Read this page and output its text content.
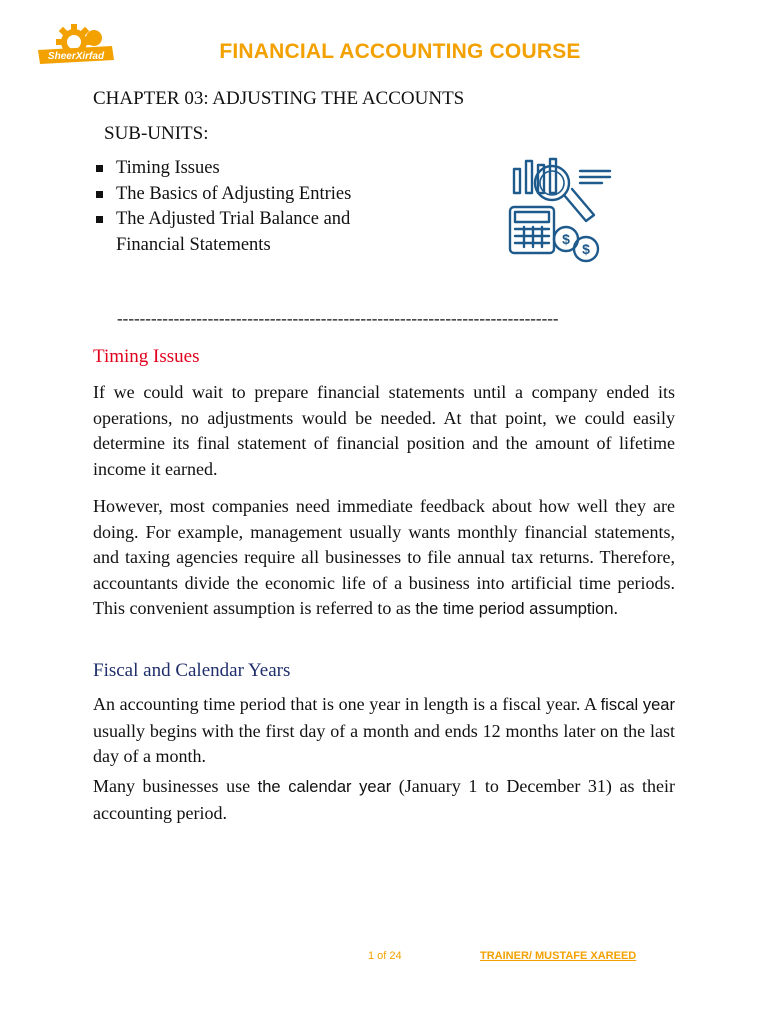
SheerXirfad	FINANCIAL ACCOUNTING COURSE
CHAPTER 03: ADJUSTING THE ACCOUNTS
SUB-UNITS:
Timing Issues
The Basics of Adjusting Entries
The Adjusted Trial Balance and
Financial Statements	$
$
------------------------------------------------------------------------------
Timing Issues
If we could wait to prepare financial statements until a company ended its operations, no adjustments would be needed. At that point, we could easily determine its final statement of financial position and the amount of lifetime income it earned.
However, most companies need immediate feedback about how well they are doing. For example, management usually wants monthly financial statements, and taxing agencies require all businesses to file annual tax returns. Therefore, accountants divide the economic life of a business into artificial time periods. This convenient assumption is referred to as the time period assumption.
Fiscal and Calendar Years
An accounting time period that is one year in length is a fiscal year. A fiscal year usually begins with the first day of a month and ends 12 months later on the last day of a month.
Many businesses use the calendar year (January 1 to December 31) as their accounting period.
1 of 24	TRAINER/ MUSTAFE XAREED
